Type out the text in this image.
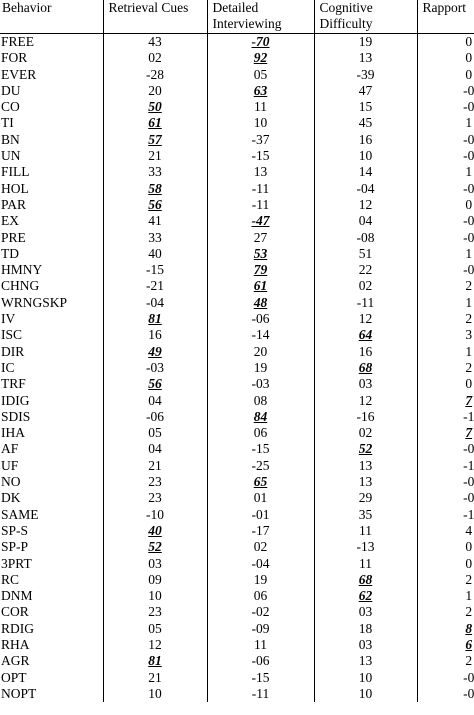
Behavior	Retrieval Cues	Detailed Interviewing	Cognitive Difficulty	Rapport
FREE	43	-70	19	0
FOR	02	92	13	0
EVER	-28	05	-39	0
DU	20	63	47	-0
CO	50	11	15	-0
TI	61	10	45	1
BN	57	-37	16	-0
UN	21	-15	10	-0
FILL	33	13	14	1
HOL	58	-11	-04	-0
PAR	56	-11	12	0
EX	41	-47	04	-0
PRE	33	27	-08	-0
TD	40	53	51	1
HMNY	-15	79	22	-0
CHNG	-21	61	02	2
WRNGSKP	-04	48	-11	1
IV	81	-06	12	2
ISC	16	-14	64	3
DIR	49	20	16	1
IC	-03	19	68	2
TRF	56	-03	03	0
IDIG	04	08	12	7
SDIS	-06	84	-16	-1
IHA	05	06	02	7
AF	04	-15	52	-0
UF	21	-25	13	-1
NO	23	65	13	-0
DK	23	01	29	-0
SAME	-10	-01	35	-1
SP-S	40	-17	11	4
SP-P	52	02	-13	0
3PRT	03	-04	11	0
RC	09	19	68	2
DNM	10	06	62	1
COR	23	-02	03	2
RDIG	05	-09	18	8
RHA	12	11	03	6
AGR	81	-06	13	2
OPT	21	-15	10	-0
NOPT	10	-11	10	-0
